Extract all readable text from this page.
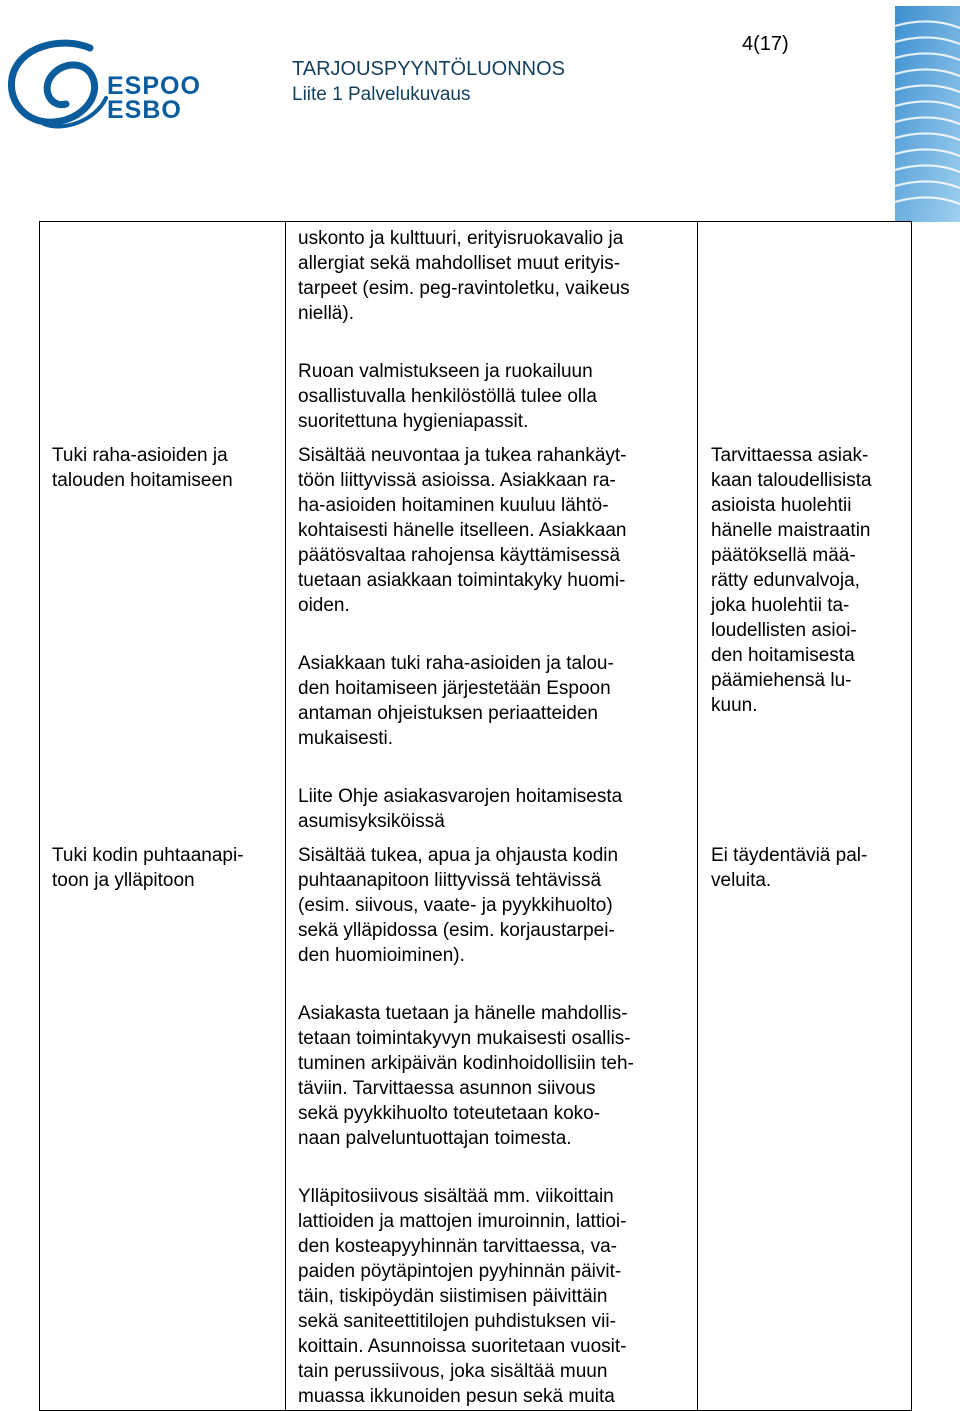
ESPOO
ESBO
TARJOUSPYYNTÖLUONNOS
Liite 1 Palvelukuvaus
4(17)

uskonto ja kulttuuri, erityisruokavalio ja
allergiat sekä mahdolliset muut erityis-
tarpeet (esim. peg-ravintoletku, vaikeus
niellä).

Ruoan valmistukseen ja ruokailuun
osallistuvalla henkilöstöllä tulee olla
suoritettuna hygieniapassit.

Tuki raha-asioiden ja
talouden hoitamiseen

Sisältää neuvontaa ja tukea rahankäyt-
töön liittyvissä asioissa. Asiakkaan ra-
ha-asioiden hoitaminen kuuluu lähtö-
kohtaisesti hänelle itselleen. Asiakkaan
päätösvaltaa rahojensa käyttämisessä
tuetaan asiakkaan toimintakyky huomi-
oiden.

Asiakkaan tuki raha-asioiden ja talou-
den hoitamiseen järjestetään Espoon
antaman ohjeistuksen periaatteiden
mukaisesti.

Liite Ohje asiakasvarojen hoitamisesta
asumisyksiköissä

Tarvittaessa asiak-
kaan taloudellisista
asioista huolehtii
hänelle maistraatin
päätöksellä mää-
rätty edunvalvoja,
joka huolehtii ta-
loudellisten asioi-
den hoitamisesta
päämiehensä lu-
kuun.

Tuki kodin puhtaanapi-
toon ja ylläpitoon

Sisältää tukea, apua ja ohjausta kodin
puhtaanapitoon liittyvissä tehtävissä
(esim. siivous, vaate- ja pyykkihuolto)
sekä ylläpidossa (esim. korjaustarpei-
den huomioiminen).

Asiakasta tuetaan ja hänelle mahdollis-
tetaan toimintakyvyn mukaisesti osallis-
tuminen arkipäivän kodinhoidollisiin teh-
täviin. Tarvittaessa asunnon siivous
sekä pyykkihuolto toteutetaan koko-
naan palveluntuottajan toimesta.

Ylläpitosiivous sisältää mm. viikoittain
lattioiden ja mattojen imuroinnin, lattioi-
den kosteapyyhinnän tarvittaessa, va-
paiden pöytäpintojen pyyhinnän päivit-
täin, tiskipöydän siistimisen päivittäin
sekä saniteettitilojen puhdistuksen vii-
koittain. Asunnoissa suoritetaan vuosit-
tain perussiivous, joka sisältää muun
muassa ikkunoiden pesun sekä muita

Ei täydentäviä pal-
veluita.
